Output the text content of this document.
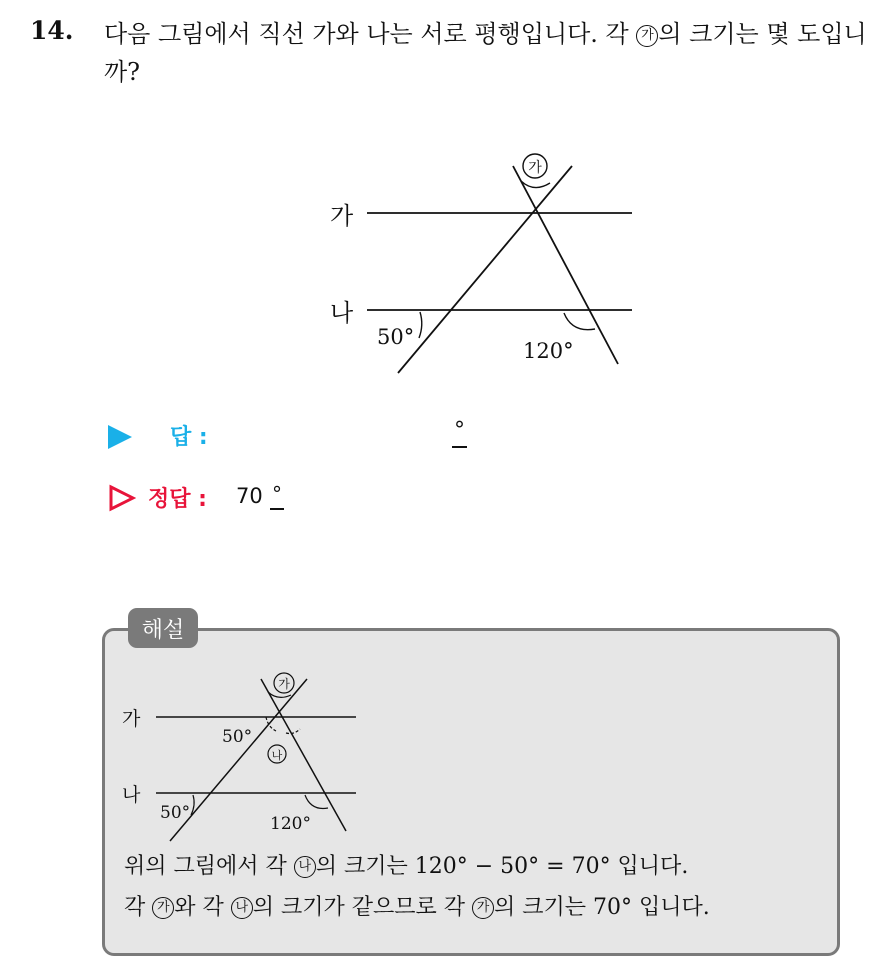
14. 다음 그림에서 직선 가와 나는 서로 평행입니다. 각 가 의 크기는 몇 도입니까?
가
나
50°
120°
가
답 :	°
정답 : 70 °
해설
가
나
50°
나
가
50°
120°
위의 그림에서 각 나 의 크기는 120° − 50° = 70° 입니다.
각 가 와 각 나 의 크기가 같으므로 각 가 의 크기는 70° 입니다.
